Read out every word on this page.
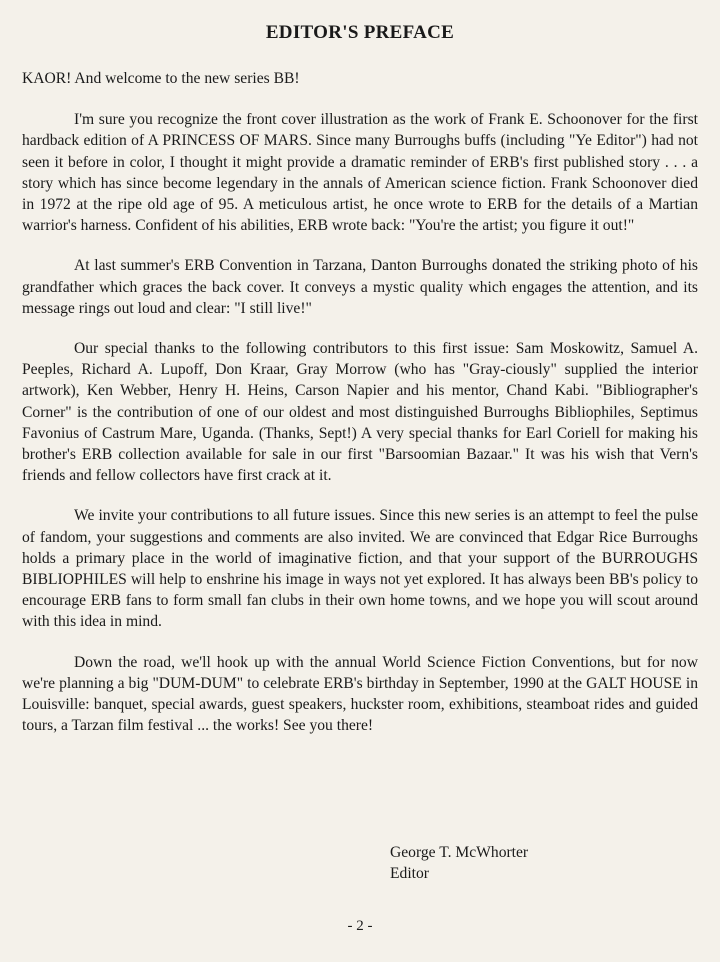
EDITOR'S PREFACE

KAOR! And welcome to the new series BB!

I'm sure you recognize the front cover illustration as the work of Frank E. Schoonover for the first hardback edition of A PRINCESS OF MARS. Since many Burroughs buffs (including "Ye Editor") had not seen it before in color, I thought it might provide a dramatic reminder of ERB's first published story . . . a story which has since become legendary in the annals of American science fiction. Frank Schoonover died in 1972 at the ripe old age of 95. A meticulous artist, he once wrote to ERB for the details of a Martian warrior's harness. Confident of his abilities, ERB wrote back: "You're the artist; you figure it out!"

At last summer's ERB Convention in Tarzana, Danton Burroughs donated the striking photo of his grandfather which graces the back cover. It conveys a mystic quality which engages the attention, and its message rings out loud and clear: "I still live!"

Our special thanks to the following contributors to this first issue: Sam Moskowitz, Samuel A. Peeples, Richard A. Lupoff, Don Kraar, Gray Morrow (who has "Gray-ciously" supplied the interior artwork), Ken Webber, Henry H. Heins, Carson Napier and his mentor, Chand Kabi. "Bibliographer's Corner" is the contribution of one of our oldest and most distinguished Burroughs Bibliophiles, Septimus Favonius of Castrum Mare, Uganda. (Thanks, Sept!) A very special thanks for Earl Coriell for making his brother's ERB collection available for sale in our first "Barsoomian Bazaar." It was his wish that Vern's friends and fellow collectors have first crack at it.

We invite your contributions to all future issues. Since this new series is an attempt to feel the pulse of fandom, your suggestions and comments are also invited. We are convinced that Edgar Rice Burroughs holds a primary place in the world of imaginative fiction, and that your support of the BURROUGHS BIBLIOPHILES will help to enshrine his image in ways not yet explored. It has always been BB's policy to encourage ERB fans to form small fan clubs in their own home towns, and we hope you will scout around with this idea in mind.

Down the road, we'll hook up with the annual World Science Fiction Conventions, but for now we're planning a big "DUM-DUM" to celebrate ERB's birthday in September, 1990 at the GALT HOUSE in Louisville: banquet, special awards, guest speakers, huckster room, exhibitions, steamboat rides and guided tours, a Tarzan film festival ... the works! See you there!

George T. McWhorter
Editor
- 2 -
